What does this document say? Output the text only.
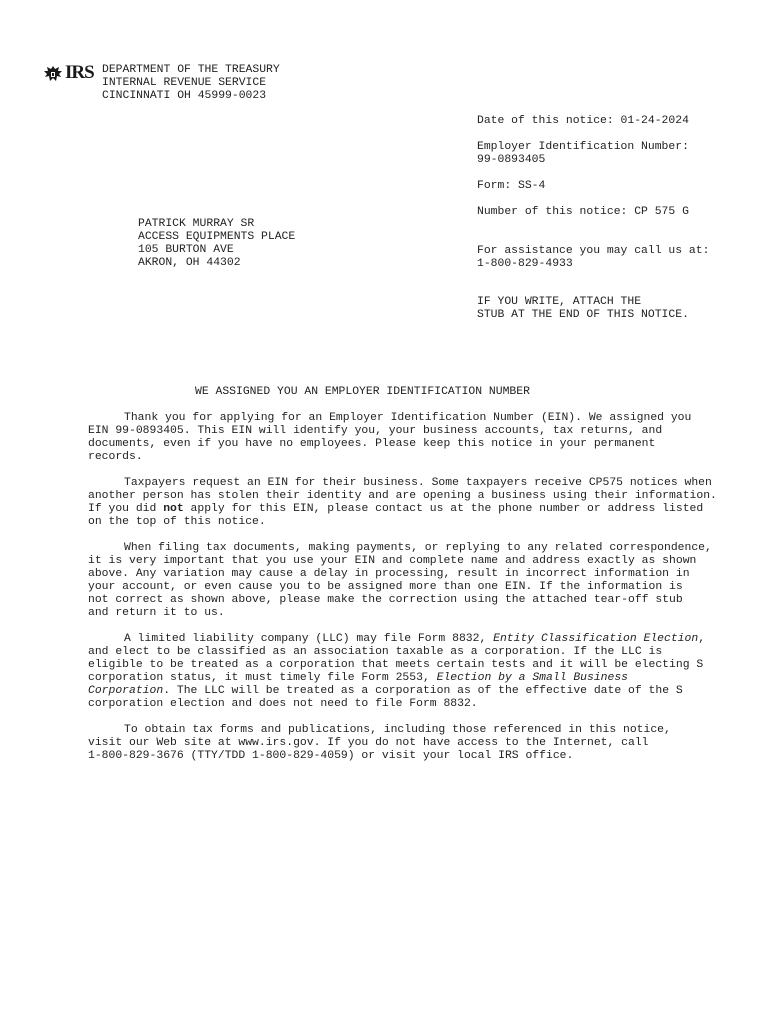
IRS DEPARTMENT OF THE TREASURY
INTERNAL REVENUE SERVICE
CINCINNATI OH 45999-0023
Date of this notice: 01-24-2024
Employer Identification Number:
99-0893405
Form: SS-4
Number of this notice: CP 575 G
For assistance you may call us at:
1-800-829-4933
IF YOU WRITE, ATTACH THE
STUB AT THE END OF THIS NOTICE.
PATRICK MURRAY SR
ACCESS EQUIPMENTS PLACE
105 BURTON AVE
AKRON, OH 44302
WE ASSIGNED YOU AN EMPLOYER IDENTIFICATION NUMBER

Thank you for applying for an Employer Identification Number (EIN). We assigned you
EIN 99-0893405. This EIN will identify you, your business accounts, tax returns, and
documents, even if you have no employees. Please keep this notice in your permanent
records.

Taxpayers request an EIN for their business. Some taxpayers receive CP575 notices when
another person has stolen their identity and are opening a business using their information.
If you did not apply for this EIN, please contact us at the phone number or address listed
on the top of this notice.

When filing tax documents, making payments, or replying to any related correspondence,
it is very important that you use your EIN and complete name and address exactly as shown
above. Any variation may cause a delay in processing, result in incorrect information in
your account, or even cause you to be assigned more than one EIN. If the information is
not correct as shown above, please make the correction using the attached tear-off stub
and return it to us.

A limited liability company (LLC) may file Form 8832, Entity Classification Election,
and elect to be classified as an association taxable as a corporation. If the LLC is
eligible to be treated as a corporation that meets certain tests and it will be electing S
corporation status, it must timely file Form 2553, Election by a Small Business
Corporation. The LLC will be treated as a corporation as of the effective date of the S
corporation election and does not need to file Form 8832.

To obtain tax forms and publications, including those referenced in this notice,
visit our Web site at www.irs.gov. If you do not have access to the Internet, call
1-800-829-3676 (TTY/TDD 1-800-829-4059) or visit your local IRS office.
